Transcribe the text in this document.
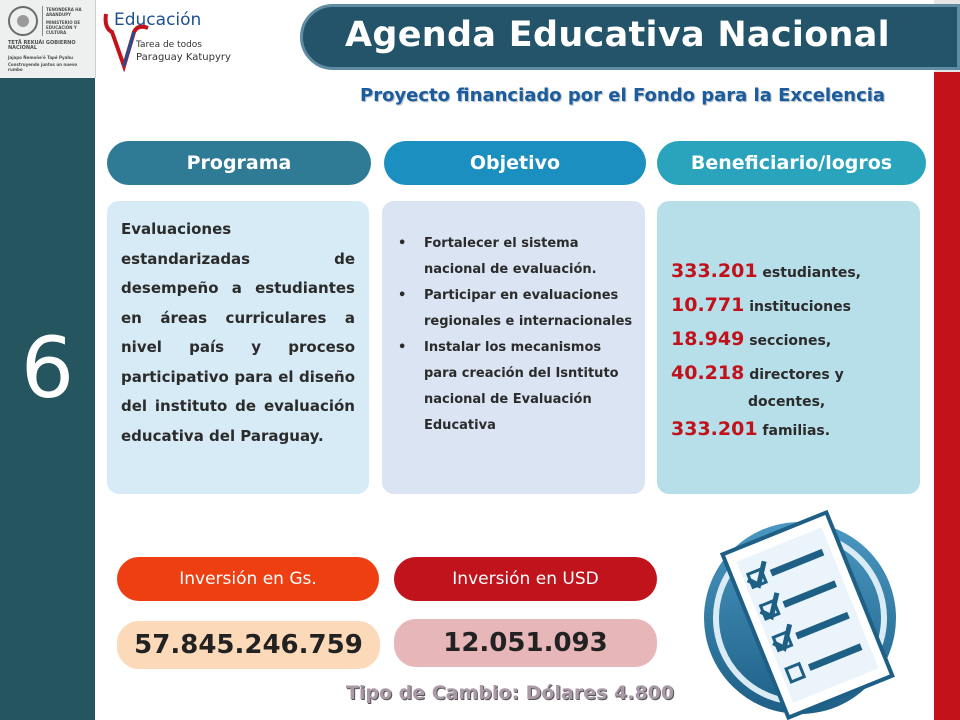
TENONDERA HA ARANDUPY
MINISTERIO DE EDUCACIÓN Y CULTURA
TETÃ REKUÁI GOBIERNO NACIONAL
Jajapo Ñemoñe'ẽ Tapé Pyahu
Construyendo juntos un nuevo rumbo
6
Educación
Tarea de todos
Paraguay Katupyry
Agenda Educativa Nacional
Proyecto financiado por el Fondo para la Excelencia
Programa	Objetivo	Beneficiario/logros
Evaluaciones estandarizadas de desempeño a estudiantes en áreas curriculares a nivel país y proceso participativo para el diseño del instituto de evaluación educativa del Paraguay.
• Fortalecer el sistema nacional de evaluación.
• Participar en evaluaciones regionales e internacionales
• Instalar los mecanismos para creación del Isntituto nacional de Evaluación Educativa
333.201 estudiantes,
10.771 instituciones
18.949 secciones,
40.218 directores y
docentes,
333.201 familias.
Inversión en Gs.	Inversión en USD
57.845.246.759	12.051.093
Tipo de Cambio: Dólares 4.800
